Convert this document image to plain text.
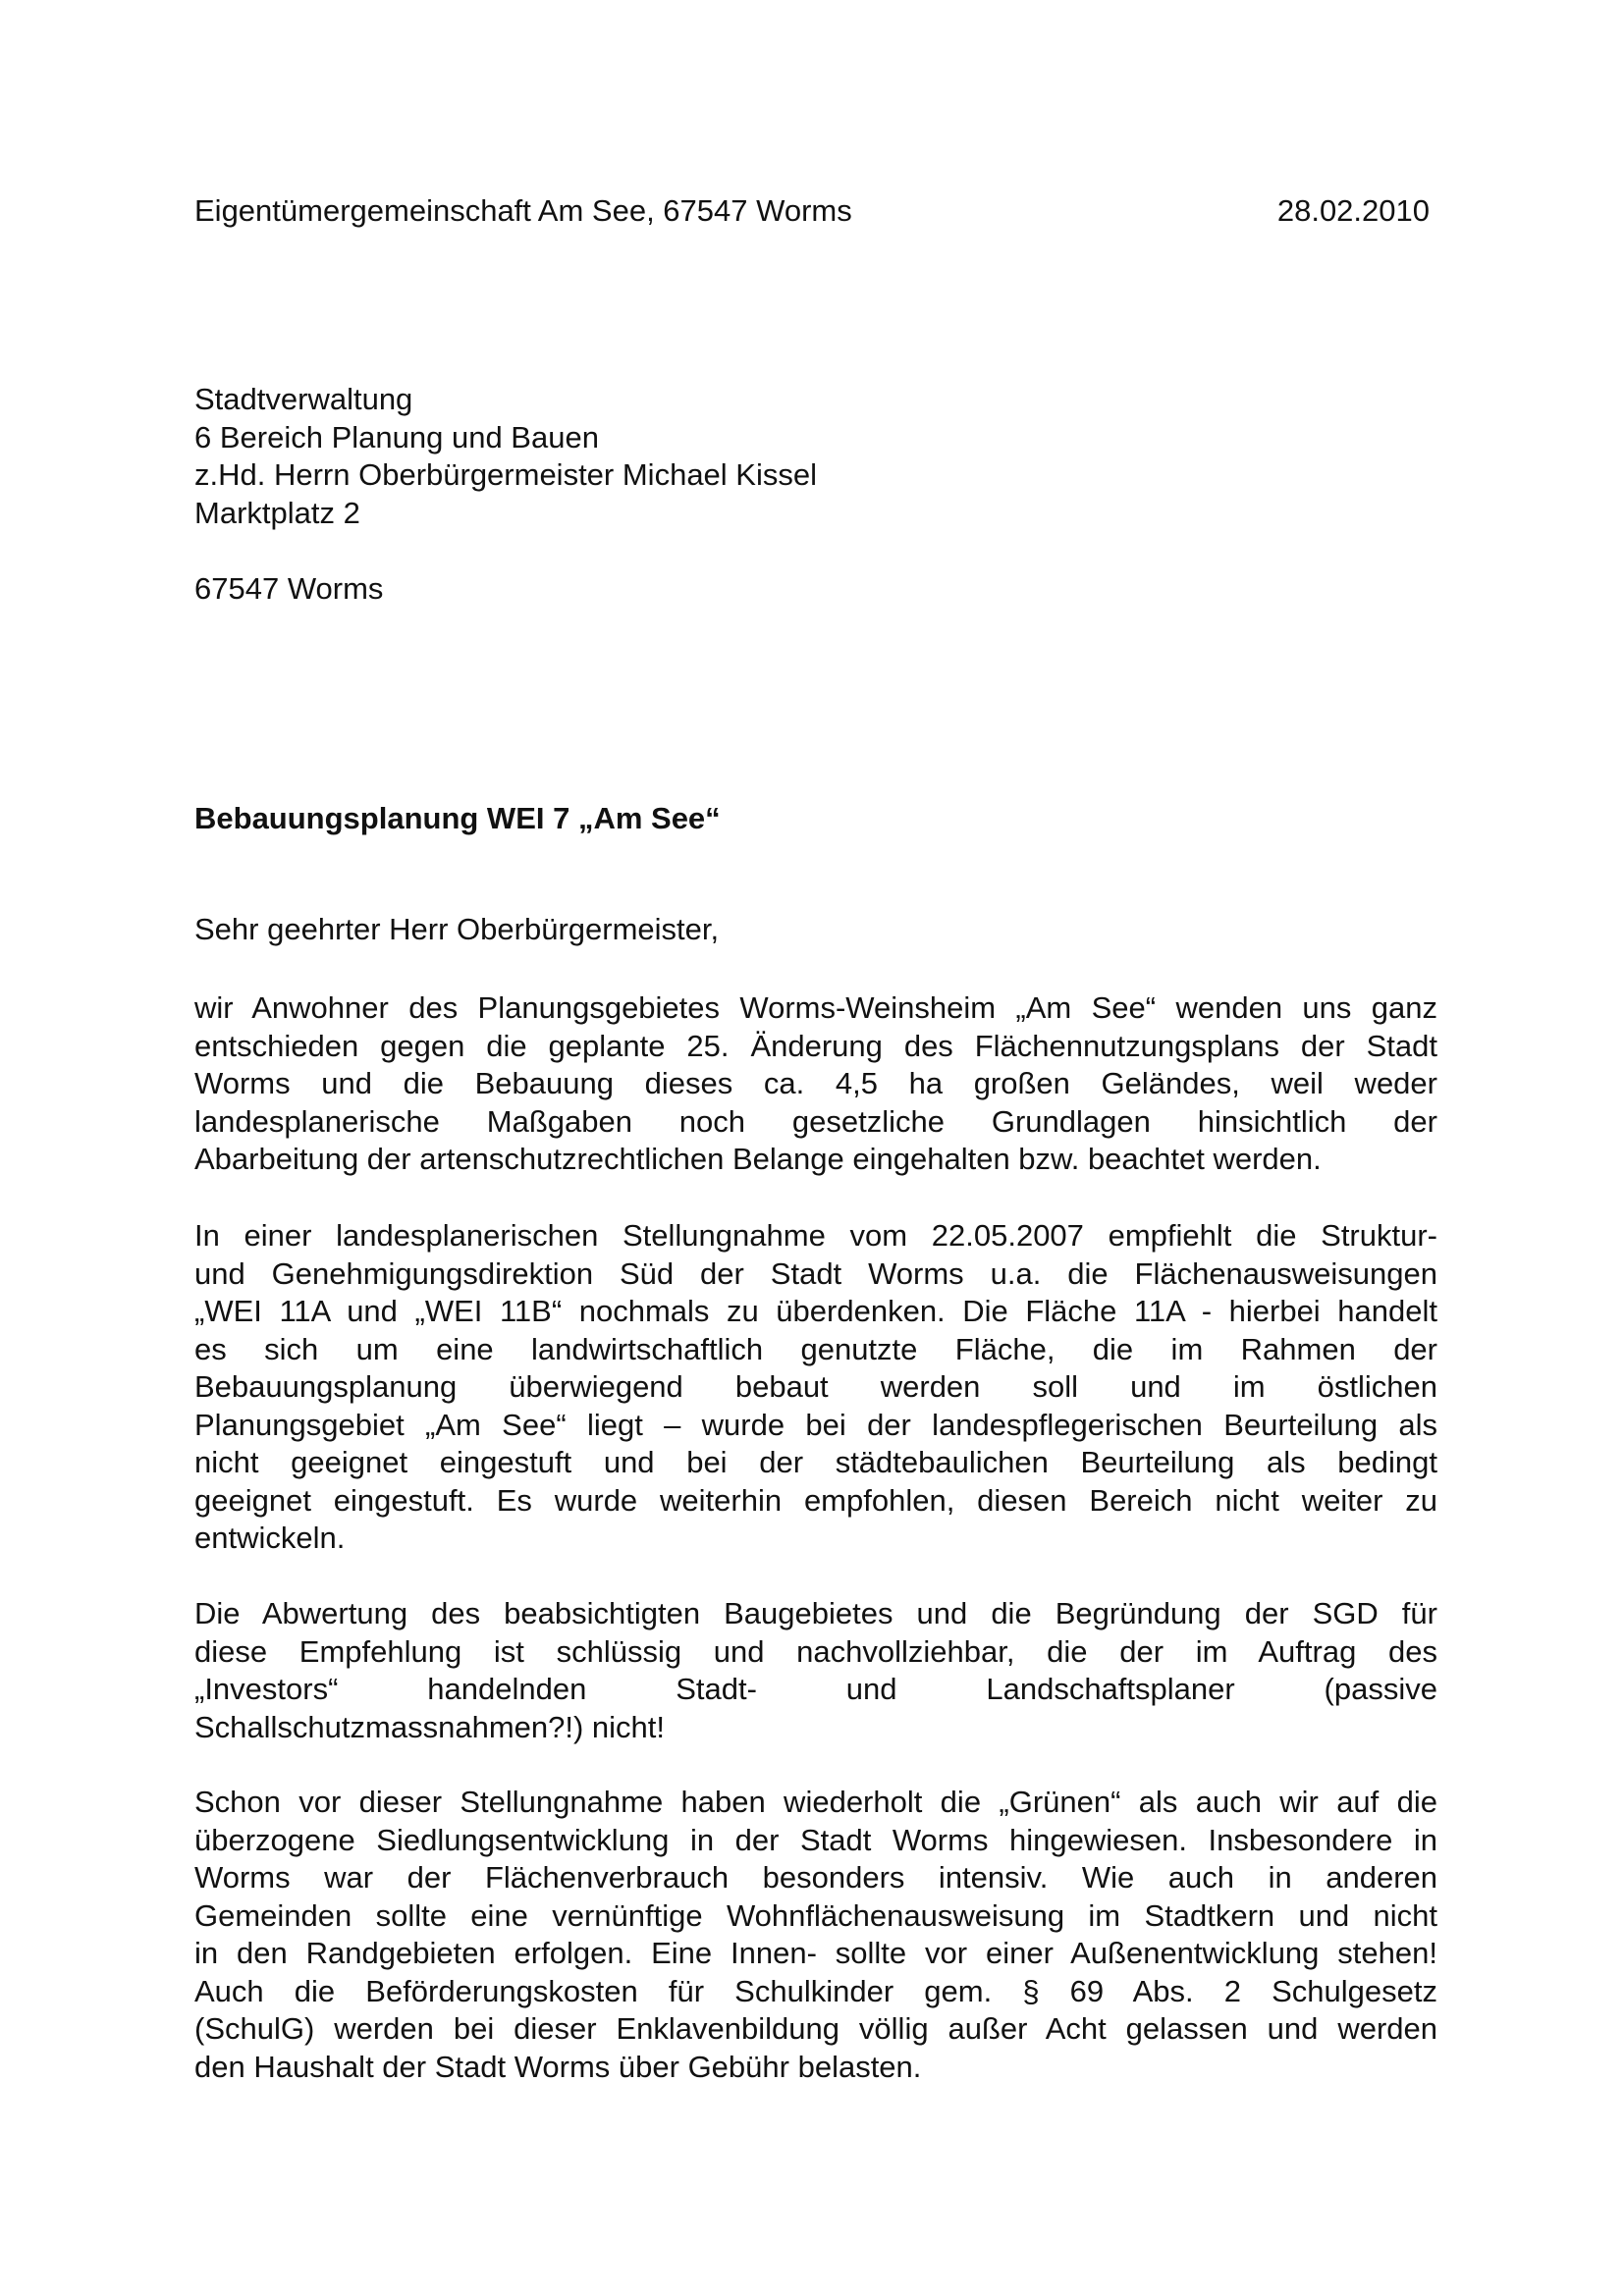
Eigentümergemeinschaft Am See, 67547 Worms	28.02.2010
Stadtverwaltung
6 Bereich Planung und Bauen
z.Hd. Herrn Oberbürgermeister Michael Kissel
Marktplatz 2
67547 Worms
Bebauungsplanung WEI 7 „Am See“
Sehr geehrter Herr Oberbürgermeister,
wir Anwohner des Planungsgebietes Worms-Weinsheim „Am See“ wenden uns ganz
entschieden gegen die geplante 25. Änderung des Flächennutzungsplans der Stadt
Worms und die Bebauung dieses ca. 4,5 ha großen Geländes, weil weder
landesplanerische Maßgaben noch gesetzliche Grundlagen hinsichtlich der
Abarbeitung der artenschutzrechtlichen Belange eingehalten bzw. beachtet werden.
In einer landesplanerischen Stellungnahme vom 22.05.2007 empfiehlt die Struktur-
und Genehmigungsdirektion Süd der Stadt Worms u.a. die Flächenausweisungen
„WEI 11A und „WEI 11B“ nochmals zu überdenken. Die Fläche 11A - hierbei handelt
es sich um eine landwirtschaftlich genutzte Fläche, die im Rahmen der
Bebauungsplanung überwiegend bebaut werden soll und im östlichen
Planungsgebiet „Am See“ liegt – wurde bei der landespflegerischen Beurteilung als
nicht geeignet eingestuft und bei der städtebaulichen Beurteilung als bedingt
geeignet eingestuft. Es wurde weiterhin empfohlen, diesen Bereich nicht weiter zu
entwickeln.
Die Abwertung des beabsichtigten Baugebietes und die Begründung der SGD für
diese Empfehlung ist schlüssig und nachvollziehbar, die der im Auftrag des
„Investors“ handelnden Stadt- und Landschaftsplaner (passive
Schallschutzmassnahmen?!) nicht!
Schon vor dieser Stellungnahme haben wiederholt die „Grünen“ als auch wir auf die
überzogene Siedlungsentwicklung in der Stadt Worms hingewiesen. Insbesondere in
Worms war der Flächenverbrauch besonders intensiv. Wie auch in anderen
Gemeinden sollte eine vernünftige Wohnflächenausweisung im Stadtkern und nicht
in den Randgebieten erfolgen. Eine Innen- sollte vor einer Außenentwicklung stehen!
Auch die Beförderungskosten für Schulkinder gem. § 69 Abs. 2 Schulgesetz
(SchulG) werden bei dieser Enklavenbildung völlig außer Acht gelassen und werden
den Haushalt der Stadt Worms über Gebühr belasten.
